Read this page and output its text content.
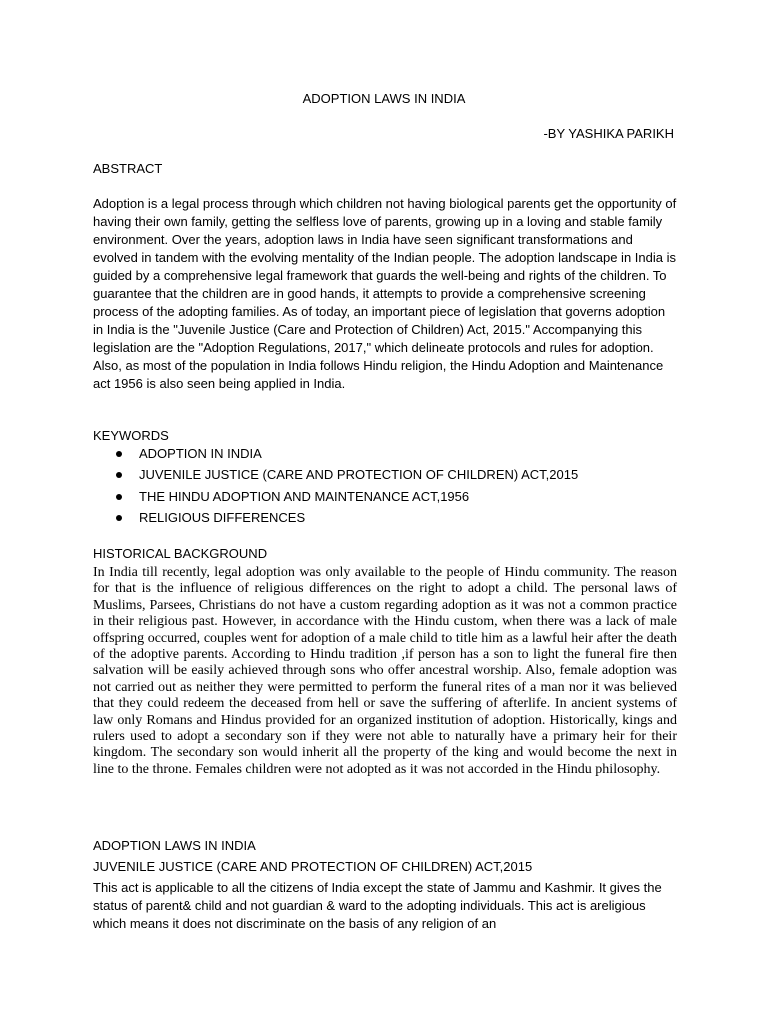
ADOPTION LAWS IN INDIA
-BY YASHIKA PARIKH
ABSTRACT

Adoption is a legal process through which children not having biological parents get the opportunity of having their own family, getting the selfless love of parents, growing up in a loving and stable family environment. Over the years, adoption laws in India have seen significant transformations and evolved in tandem with the evolving mentality of the Indian people. The adoption landscape in India is guided by a comprehensive legal framework that guards the well-being and rights of the children. To guarantee that the children are in good hands, it attempts to provide a comprehensive screening process of the adopting families. As of today, an important piece of legislation that governs adoption in India is the "Juvenile Justice (Care and Protection of Children) Act, 2015." Accompanying this legislation are the "Adoption Regulations, 2017," which delineate protocols and rules for adoption. Also, as most of the population in India follows Hindu religion, the Hindu Adoption and Maintenance act 1956 is also seen being applied in India.

KEYWORDS
ADOPTION IN INDIA
JUVENILE JUSTICE (CARE AND PROTECTION OF CHILDREN) ACT,2015
THE HINDU ADOPTION AND MAINTENANCE ACT,1956
RELIGIOUS DIFFERENCES
HISTORICAL BACKGROUND

In India till recently, legal adoption was only available to the people of Hindu community. The reason for that is the influence of religious differences on the right to adopt a child. The personal laws of Muslims, Parsees, Christians do not have a custom regarding adoption as it was not a common practice in their religious past. However, in accordance with the Hindu custom, when there was a lack of male offspring occurred, couples went for adoption of a male child to title him as a lawful heir after the death of the adoptive parents. According to Hindu tradition ,if person has a son to light the funeral fire then salvation will be easily achieved through sons who offer ancestral worship. Also, female adoption was not carried out as neither they were permitted to perform the funeral rites of a man nor it was believed that they could redeem the deceased from hell or save the suffering of afterlife. In ancient systems of law only Romans and Hindus provided for an organized institution of adoption. Historically, kings and rulers used to adopt a secondary son if they were not able to naturally have a primary heir for their kingdom. The secondary son would inherit all the property of the king and would become the next in line to the throne. Females children were not adopted as it was not accorded in the Hindu philosophy.

ADOPTION LAWS IN INDIA
JUVENILE JUSTICE (CARE AND PROTECTION OF CHILDREN) ACT,2015

This act is applicable to all the citizens of India except the state of Jammu and Kashmir. It gives the status of parent& child and not guardian & ward to the adopting individuals. This act is areligious which means it does not discriminate on the basis of any religion of an
